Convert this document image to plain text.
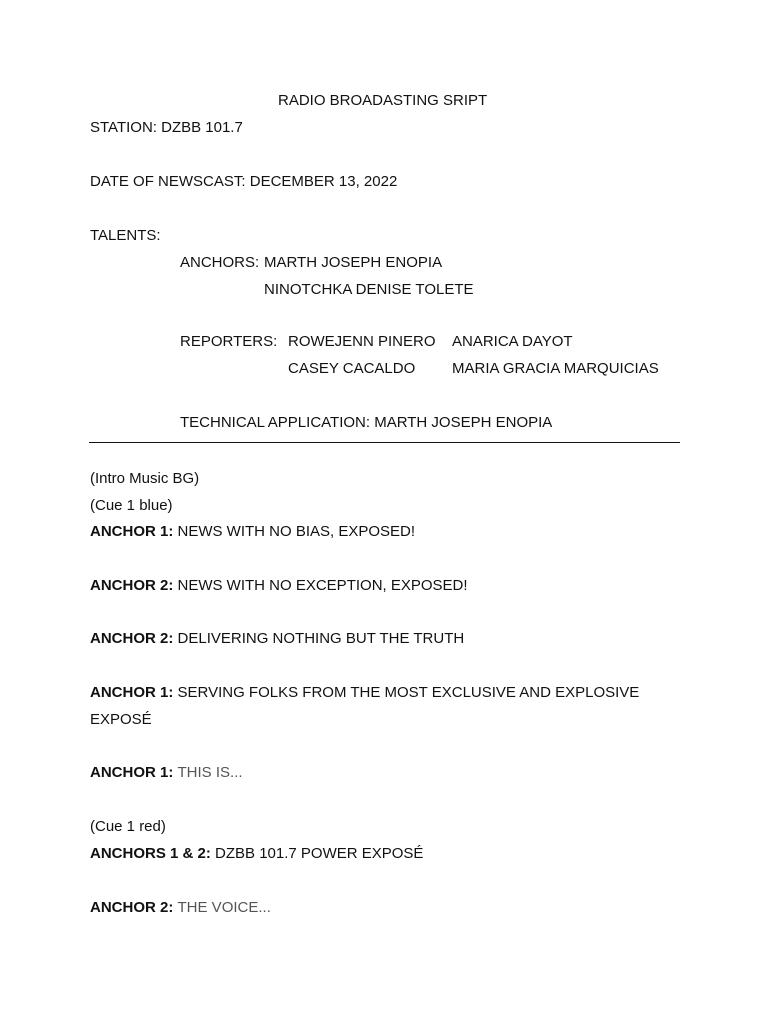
RADIO BROADASTING SRIPT
STATION: DZBB 101.7
DATE OF NEWSCAST: DECEMBER 13, 2022
TALENTS:
ANCHORS: MARTH JOSEPH ENOPIA
NINOTCHKA DENISE TOLETE
REPORTERS: ROWEJENN PINERO ANARICA DAYOT
CASEY CACALDO MARIA GRACIA MARQUICIAS
TECHNICAL APPLICATION: MARTH JOSEPH ENOPIA
(Intro Music BG)
(Cue 1 blue)
ANCHOR 1: NEWS WITH NO BIAS, EXPOSED!
ANCHOR 2: NEWS WITH NO EXCEPTION, EXPOSED!
ANCHOR 2: DELIVERING NOTHING BUT THE TRUTH
ANCHOR 1: SERVING FOLKS FROM THE MOST EXCLUSIVE AND EXPLOSIVE
EXPOSÉ
ANCHOR 1: THIS IS...
(Cue 1 red)
ANCHORS 1 & 2: DZBB 101.7 POWER EXPOSÉ
ANCHOR 2: THE VOICE...
